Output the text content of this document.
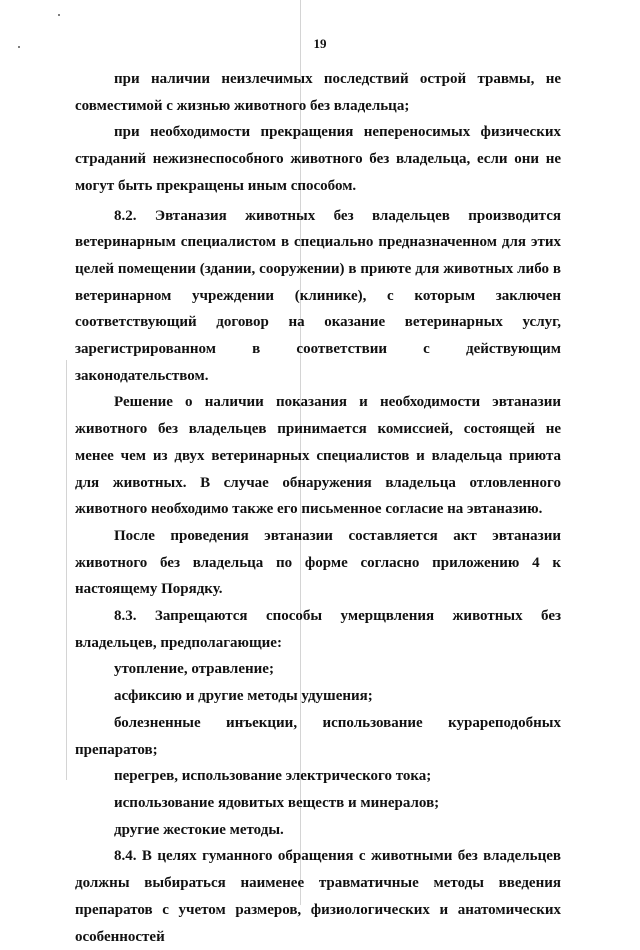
19

при наличии неизлечимых последствий острой травмы, не совместимой с жизнью животного без владельца;

при необходимости прекращения непереносимых физических страданий нежизнеспособного животного без владельца, если они не могут быть прекращены иным способом.

8.2. Эвтаназия животных без владельцев производится ветеринарным специалистом в специально предназначенном для этих целей помещении (здании, сооружении) в приюте для животных либо в ветеринарном учреждении (клинике), с которым заключен соответствующий договор на оказание ветеринарных услуг, зарегистрированном в соответствии с действующим законодательством.

Решение о наличии показания и необходимости эвтаназии животного без владельцев принимается комиссией, состоящей не менее чем из двух ветеринарных специалистов и владельца приюта для животных. В случае обнаружения владельца отловленного животного необходимо также его письменное согласие на эвтаназию.

После проведения эвтаназии составляется акт эвтаназии животного без владельца по форме согласно приложению 4 к настоящему Порядку.

8.3. Запрещаются способы умерщвления животных без владельцев, предполагающие:

утопление, отравление;

асфиксию и другие методы удушения;

болезненные инъекции, использование курареподобных препаратов;

перегрев, использование электрического тока;

использование ядовитых веществ и минералов;

другие жестокие методы.

8.4. В целях гуманного обращения с животными без владельцев должны выбираться наименее травматичные методы введения препаратов с учетом размеров, физиологических и анатомических особенностей
